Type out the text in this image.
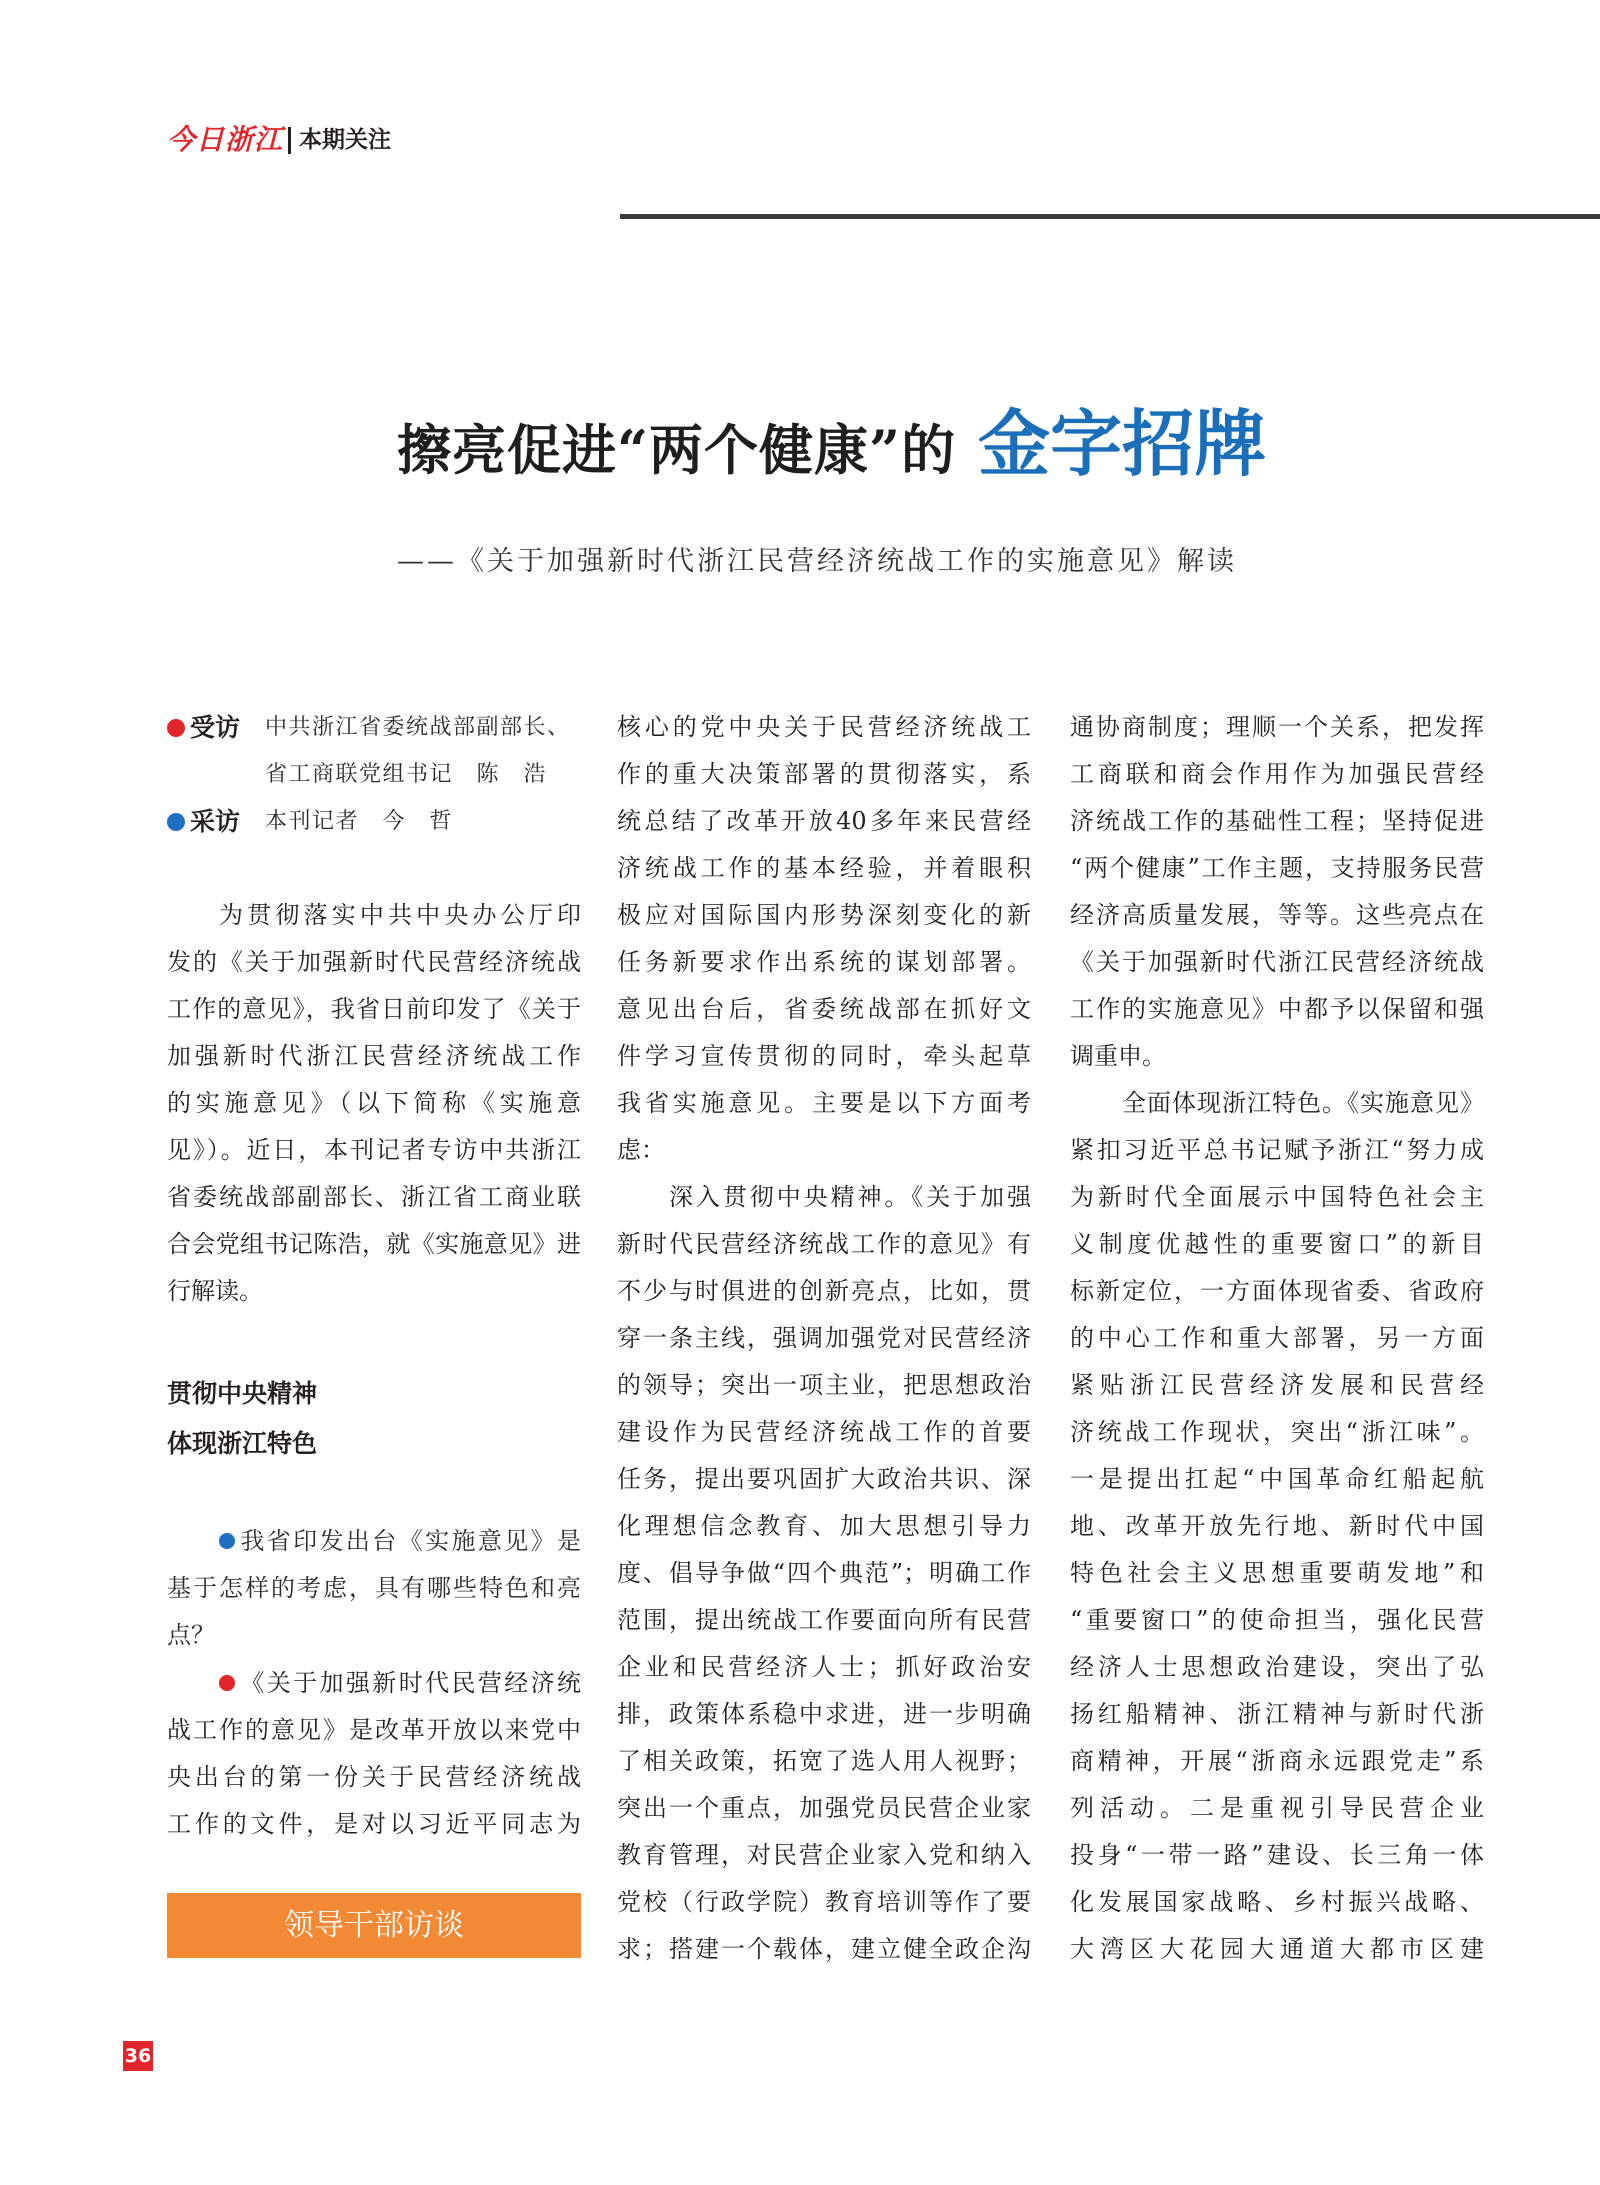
今日浙江 本期关注
擦亮促进“两个健康”的 金字招牌
——《关于加强新时代浙江民营经济统战工作的实施意见》解读
受访 中共浙江省委统战部副部长、
省工商联党组书记　陈　浩
采访 本刊记者　今　哲
为贯彻落实中共中央办公厅印
发的《关于加强新时代民营经济统战
工作的意见》，我省日前印发了《关于
加强新时代浙江民营经济统战工作
的实施意见》（以下简称《实施意
见》）。近日，本刊记者专访中共浙江
省委统战部副部长、浙江省工商业联
合会党组书记陈浩，就《实施意见》进
行解读。
贯彻中央精神
体现浙江特色
我省印发出台《实施意见》是
基于怎样的考虑，具有哪些特色和亮
点？
《关于加强新时代民营经济统
战工作的意见》是改革开放以来党中
央出台的第一份关于民营经济统战
工作的文件，是对以习近平同志为
核心的党中央关于民营经济统战工
作的重大决策部署的贯彻落实，系
统总结了改革开放40多年来民营经
济统战工作的基本经验，并着眼积
极应对国际国内形势深刻变化的新
任务新要求作出系统的谋划部署。
意见出台后，省委统战部在抓好文
件学习宣传贯彻的同时，牵头起草
我省实施意见。主要是以下方面考
虑：
深入贯彻中央精神。《关于加强
新时代民营经济统战工作的意见》有
不少与时俱进的创新亮点，比如，贯
穿一条主线，强调加强党对民营经济
的领导；突出一项主业，把思想政治
建设作为民营经济统战工作的首要
任务，提出要巩固扩大政治共识、深
化理想信念教育、加大思想引导力
度、倡导争做“四个典范”；明确工作
范围，提出统战工作要面向所有民营
企业和民营经济人士；抓好政治安
排，政策体系稳中求进，进一步明确
了相关政策，拓宽了选人用人视野；
突出一个重点，加强党员民营企业家
教育管理，对民营企业家入党和纳入
党校（行政学院）教育培训等作了要
求；搭建一个载体，建立健全政企沟
通协商制度；理顺一个关系，把发挥
工商联和商会作用作为加强民营经
济统战工作的基础性工程；坚持促进
“两个健康”工作主题，支持服务民营
经济高质量发展，等等。这些亮点在
《关于加强新时代浙江民营经济统战
工作的实施意见》中都予以保留和强
调重申。
全面体现浙江特色。《实施意见》
紧扣习近平总书记赋予浙江“努力成
为新时代全面展示中国特色社会主
义制度优越性的重要窗口”的新目
标新定位，一方面体现省委、省政府
的中心工作和重大部署，另一方面
紧贴浙江民营经济发展和民营经
济统战工作现状，突出“浙江味”。
一是提出扛起“中国革命红船起航
地、改革开放先行地、新时代中国
特色社会主义思想重要萌发地”和
“重要窗口”的使命担当，强化民营
经济人士思想政治建设，突出了弘
扬红船精神、浙江精神与新时代浙
商精神，开展“浙商永远跟党走”系
列活动。二是重视引导民营企业
投身“一带一路”建设、长三角一体
化发展国家战略、乡村振兴战略、
大湾区大花园大通道大都市区建
领导干部访谈
36
